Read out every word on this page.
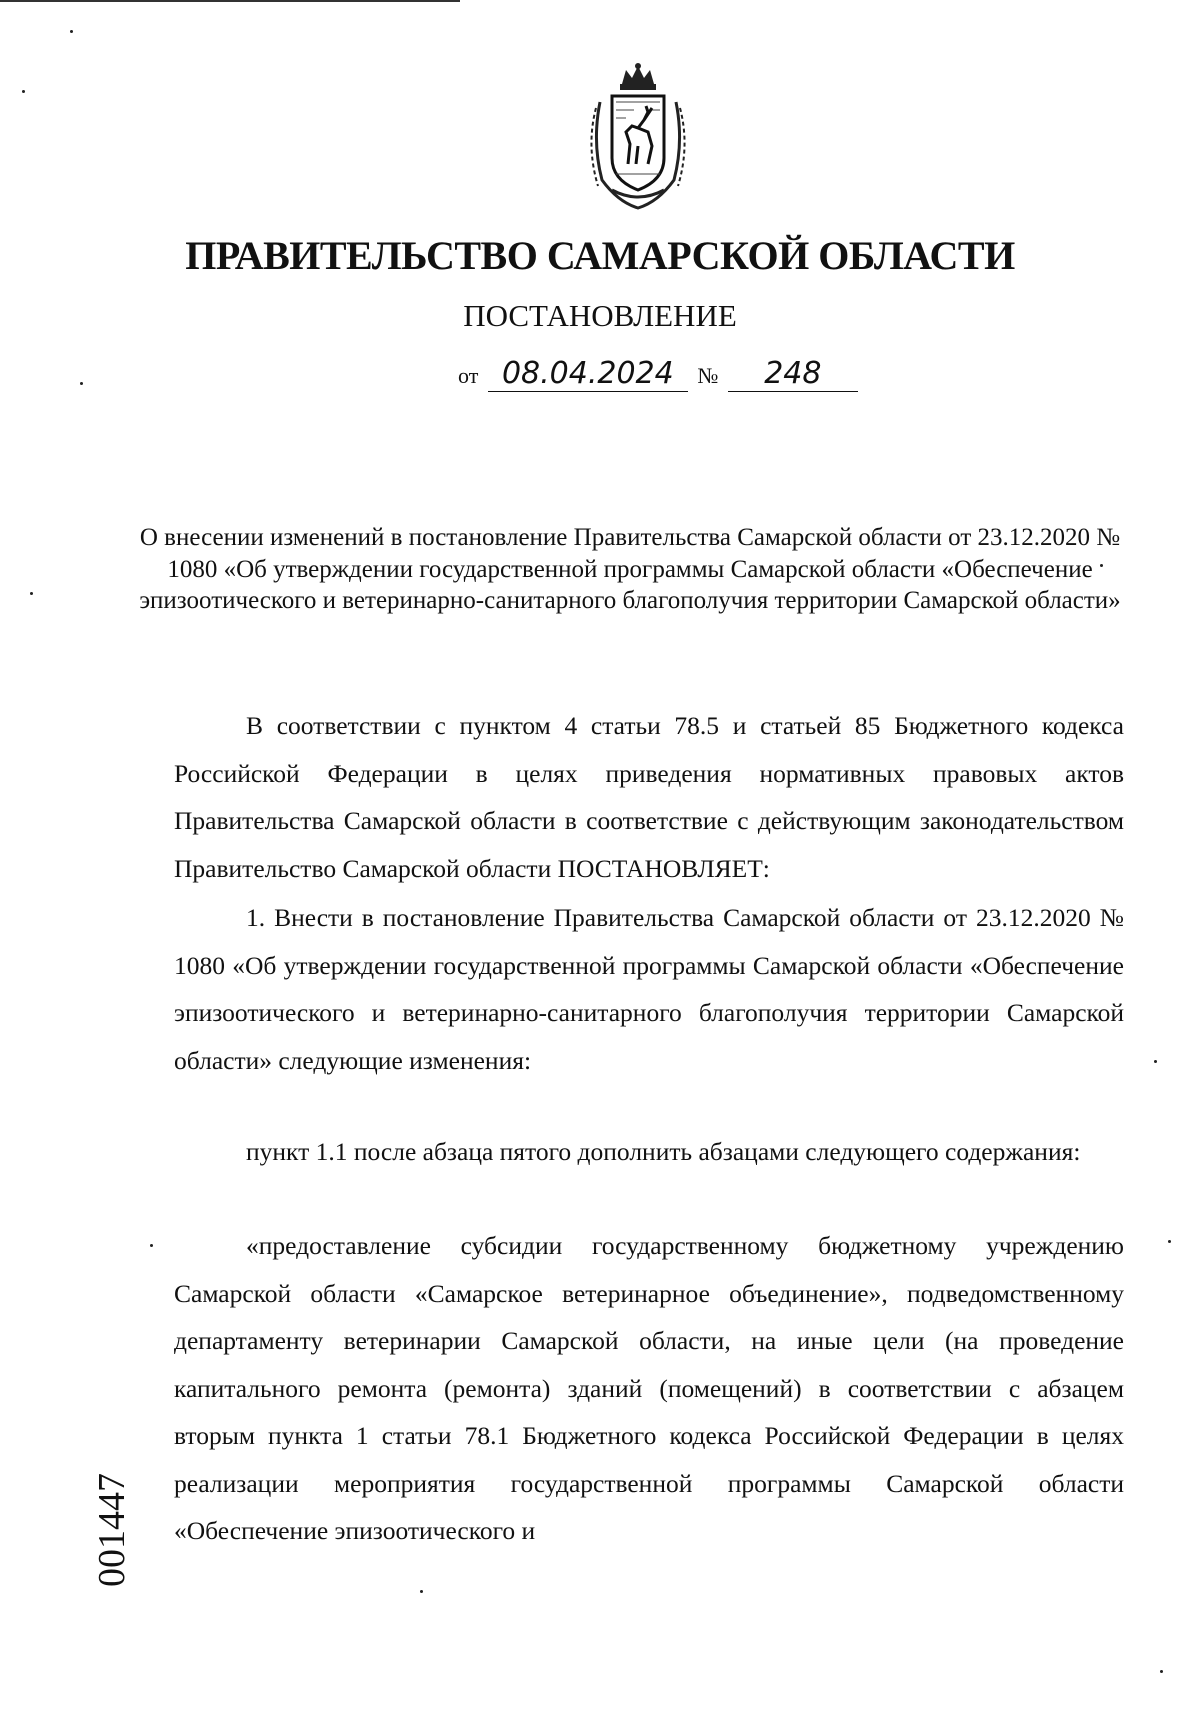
ПРАВИТЕЛЬСТВО САМАРСКОЙ ОБЛАСТИ
ПОСТАНОВЛЕНИЕ
от 08.04.2024 № 248
О внесении изменений в постановление Правительства Самарской области от 23.12.2020 № 1080 «Об утверждении государственной программы Самарской области «Обеспечение эпизоотического и ветеринарно-санитарного благополучия территории Самарской области»

В соответствии с пунктом 4 статьи 78.5 и статьей 85 Бюджетного кодекса Российской Федерации в целях приведения нормативных правовых актов Правительства Самарской области в соответствие с действующим законодательством Правительство Самарской области ПОСТАНОВЛЯЕТ:

1. Внести в постановление Правительства Самарской области от 23.12.2020 № 1080 «Об утверждении государственной программы Самарской области «Обеспечение эпизоотического и ветеринарно-санитарного благополучия территории Самарской области» следующие изменения:

пункт 1.1 после абзаца пятого дополнить абзацами следующего содержания:

«предоставление субсидии государственному бюджетному учреждению Самарской области «Самарское ветеринарное объединение», подведомственному департаменту ветеринарии Самарской области, на иные цели (на проведение капитального ремонта (ремонта) зданий (помещений) в соответствии с абзацем вторым пункта 1 статьи 78.1 Бюджетного кодекса Российской Федерации в целях реализации мероприятия государственной программы Самарской области «Обеспечение эпизоотического и

001447
